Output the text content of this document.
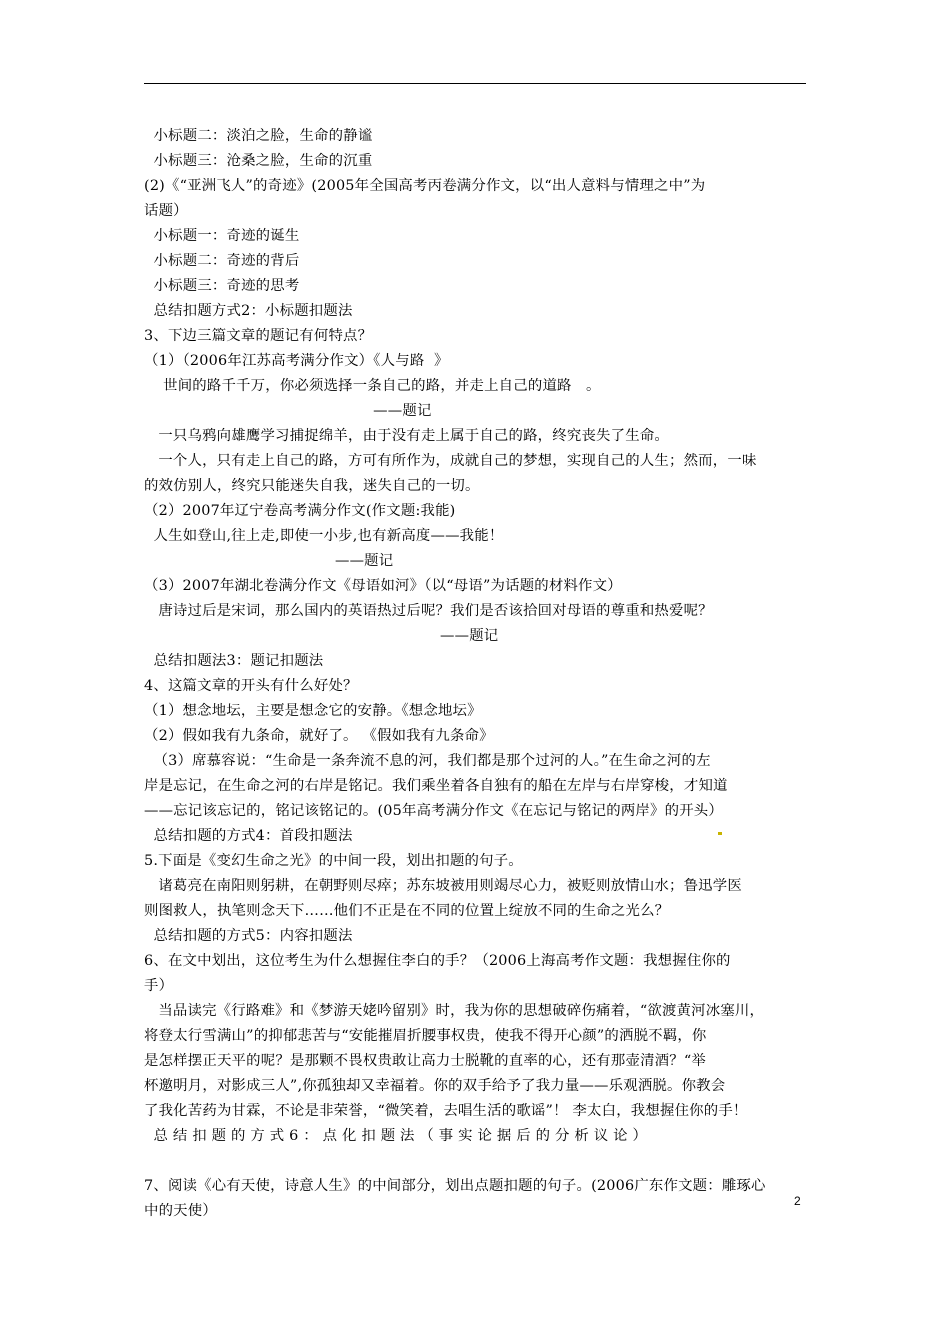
小标题二：淡泊之脸，生命的静谧
小标题三：沧桑之脸，生命的沉重
(2)《“亚洲飞人”的奇迹》(2005年全国高考丙卷满分作文，以“出人意料与情理之中”为
话题）
小标题一：奇迹的诞生
小标题二：奇迹的背后
小标题三：奇迹的思考
总结扣题方式2：小标题扣题法
3、下边三篇文章的题记有何特点？
（1）（2006年江苏高考满分作文）《人与路  》
世间的路千千万，你必须选择一条自己的路，并走上自己的道路   。
——题记
一只乌鸦向雄鹰学习捕捉绵羊，由于没有走上属于自己的路，终究丧失了生命。
一个人，只有走上自己的路，方可有所作为，成就自己的梦想，实现自己的人生；然而，一味
的效仿别人，终究只能迷失自我，迷失自己的一切。
（2）2007年辽宁卷高考满分作文(作文题:我能)
人生如登山,往上走,即使一小步,也有新高度——我能！
——题记
（3）2007年湖北卷满分作文《母语如河》（以“母语”为话题的材料作文）
唐诗过后是宋词，那么国内的英语热过后呢？我们是否该拾回对母语的尊重和热爱呢？
——题记
总结扣题法3：题记扣题法
4、这篇文章的开头有什么好处？
（1）想念地坛，主要是想念它的安静。《想念地坛》
（2）假如我有九条命，就好了。 《假如我有九条命》
（3）席慕容说：“生命是一条奔流不息的河，我们都是那个过河的人。”在生命之河的左
岸是忘记，在生命之河的右岸是铭记。我们乘坐着各自独有的船在左岸与右岸穿梭，才知道
——忘记该忘记的，铭记该铭记的。(05年高考满分作文《在忘记与铭记的两岸》的开头）
总结扣题的方式4：首段扣题法
5.下面是《变幻生命之光》的中间一段，划出扣题的句子。
诸葛亮在南阳则躬耕，在朝野则尽瘁；苏东坡被用则竭尽心力，被贬则放情山水；鲁迅学医
则图救人，执笔则念天下……他们不正是在不同的位置上绽放不同的生命之光么？
总结扣题的方式5：内容扣题法
6、在文中划出，这位考生为什么想握住李白的手？（2006上海高考作文题：我想握住你的
手）
当品读完《行路难》和《梦游天姥吟留别》时，我为你的思想破碎伤痛着，“欲渡黄河冰塞川，
将登太行雪满山”的抑郁悲苦与“安能摧眉折腰事权贵，使我不得开心颜”的洒脱不羁，你
是怎样摆正天平的呢？是那颗不畏权贵敢让高力士脱靴的直率的心，还有那壶清酒？“举
杯邀明月，对影成三人”,你孤独却又幸福着。你的双手给予了我力量——乐观洒脱。你教会
了我化苦药为甘霖，不论是非荣誉，“微笑着，去唱生活的歌谣”！ 李太白，我想握住你的手！
总 结 扣 题 的 方 式 6 ： 点 化 扣 题 法 （ 事 实 论 据 后 的 分 析 议 论 ）
7、阅读《心有天使，诗意人生》的中间部分，划出点题扣题的句子。(2006广东作文题：雕琢心
中的天使）
2
